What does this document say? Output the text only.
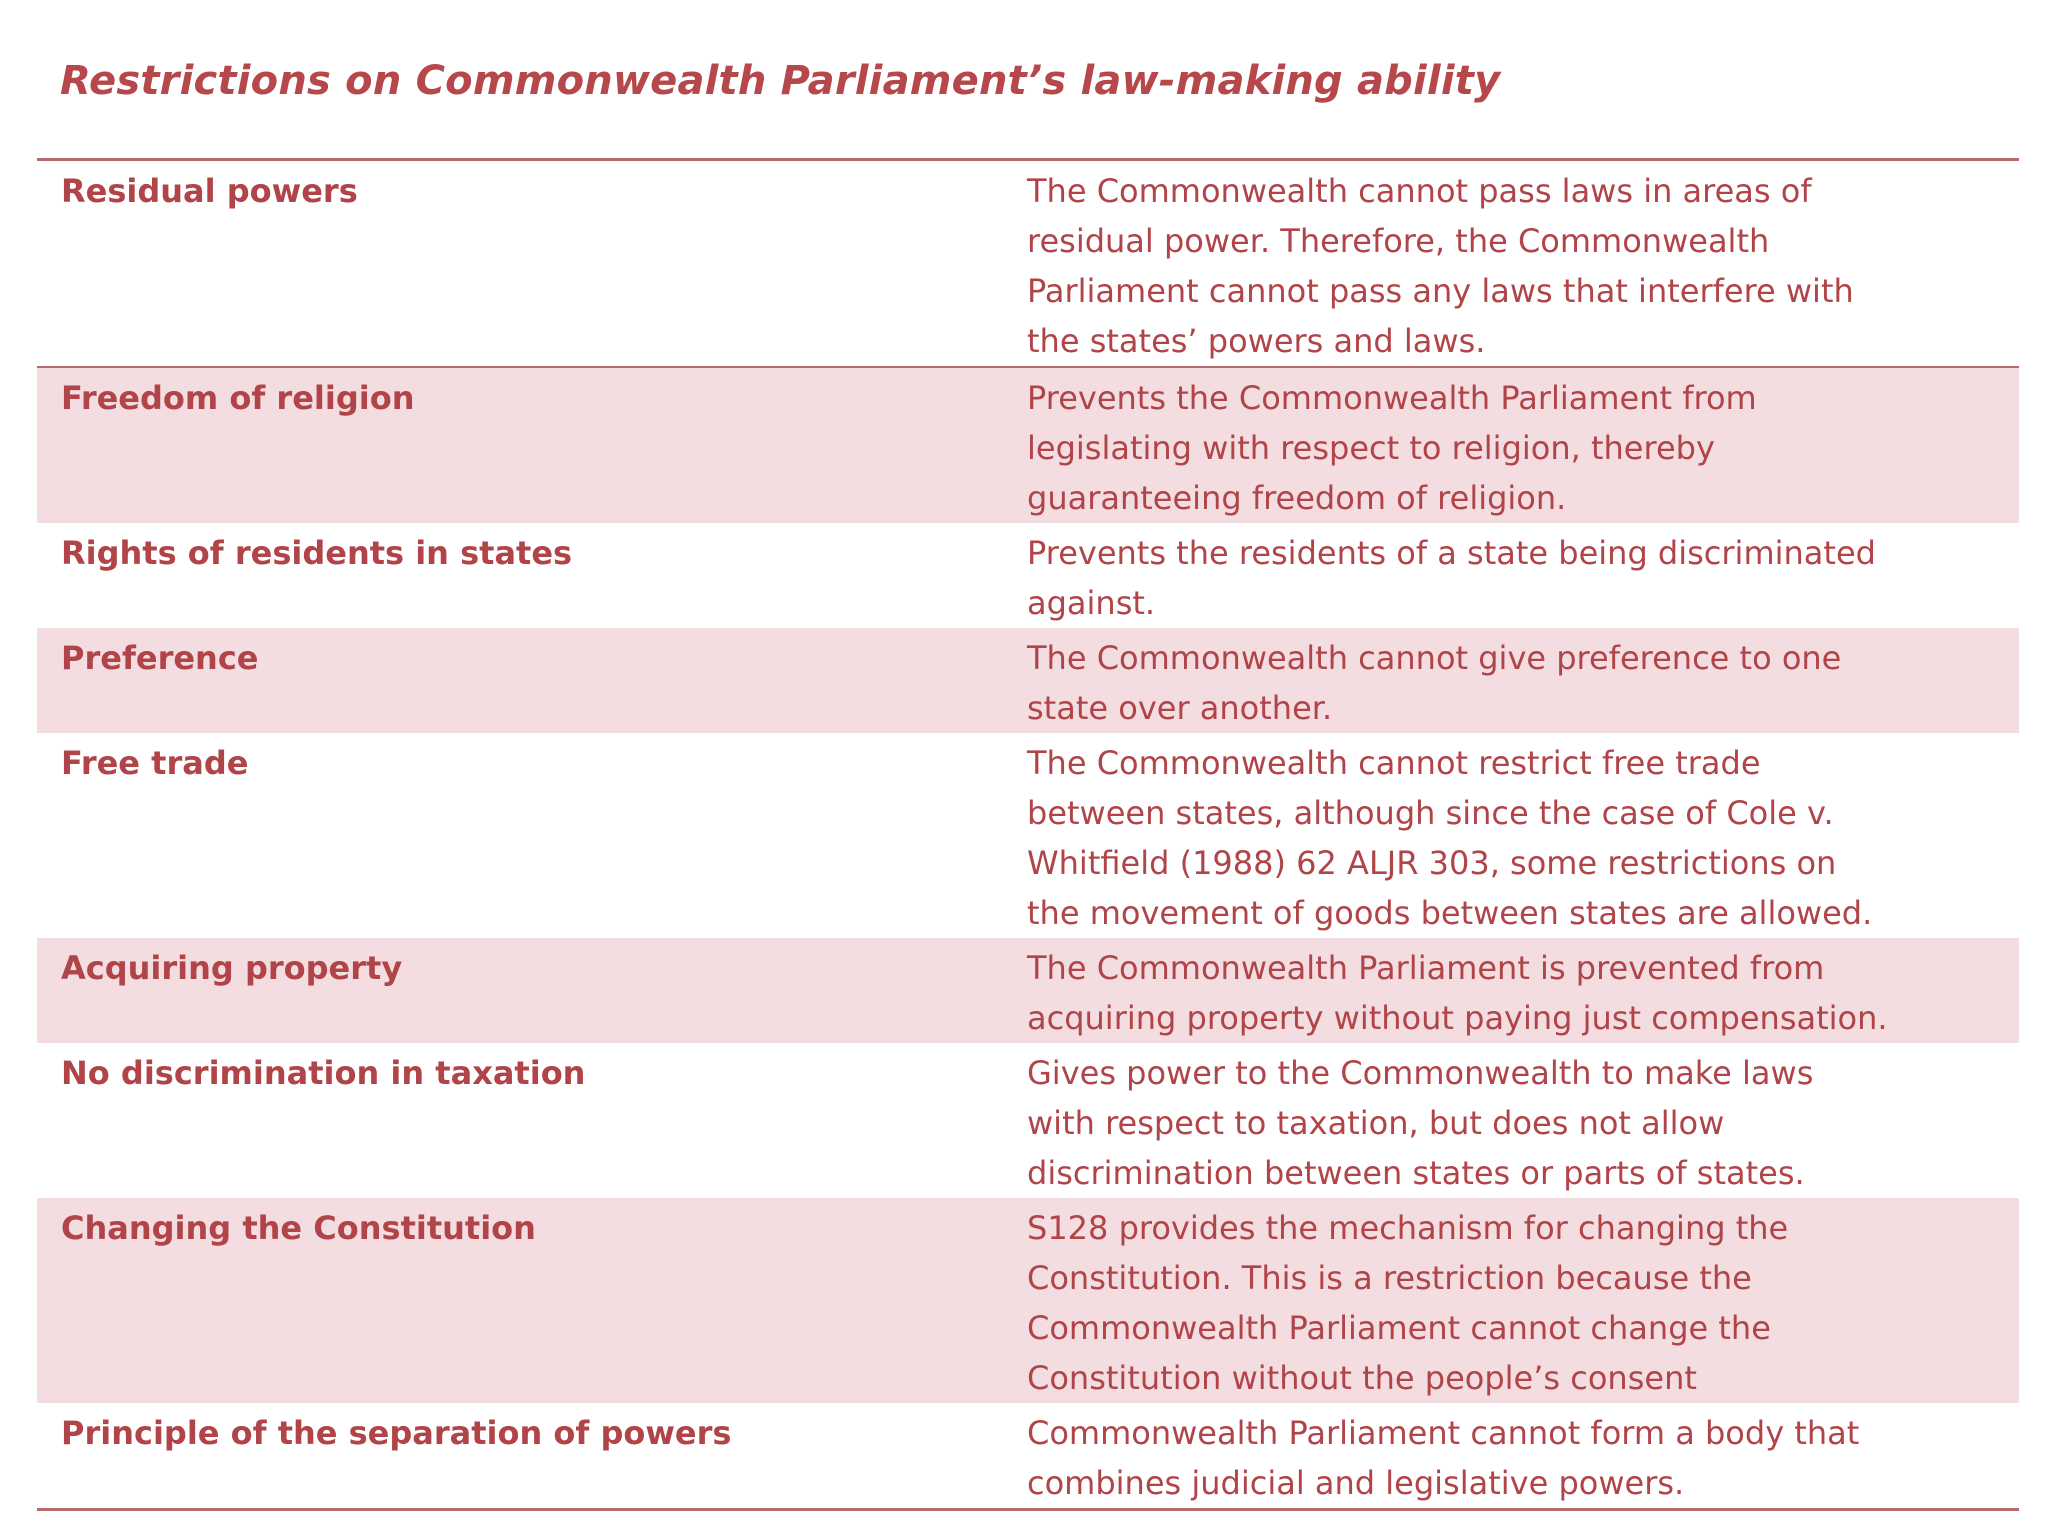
Restrictions on Commonwealth Parliament’s law-making ability
Residual powers	The Commonwealth cannot pass laws in areas of
residual power. Therefore, the Commonwealth
Parliament cannot pass any laws that interfere with
the states’ powers and laws.
Freedom of religion	Prevents the Commonwealth Parliament from
legislating with respect to religion, thereby
guaranteeing freedom of religion.
Rights of residents in states	Prevents the residents of a state being discriminated
against.
Preference	The Commonwealth cannot give preference to one
state over another.
Free trade	The Commonwealth cannot restrict free trade
between states, although since the case of Cole v.
Whitfield (1988) 62 ALJR 303, some restrictions on
the movement of goods between states are allowed.
Acquiring property	The Commonwealth Parliament is prevented from
acquiring property without paying just compensation.
No discrimination in taxation	Gives power to the Commonwealth to make laws
with respect to taxation, but does not allow
discrimination between states or parts of states.
Changing the Constitution	S128 provides the mechanism for changing the
Constitution. This is a restriction because the
Commonwealth Parliament cannot change the
Constitution without the people’s consent
Principle of the separation of powers	Commonwealth Parliament cannot form a body that
combines judicial and legislative powers.
